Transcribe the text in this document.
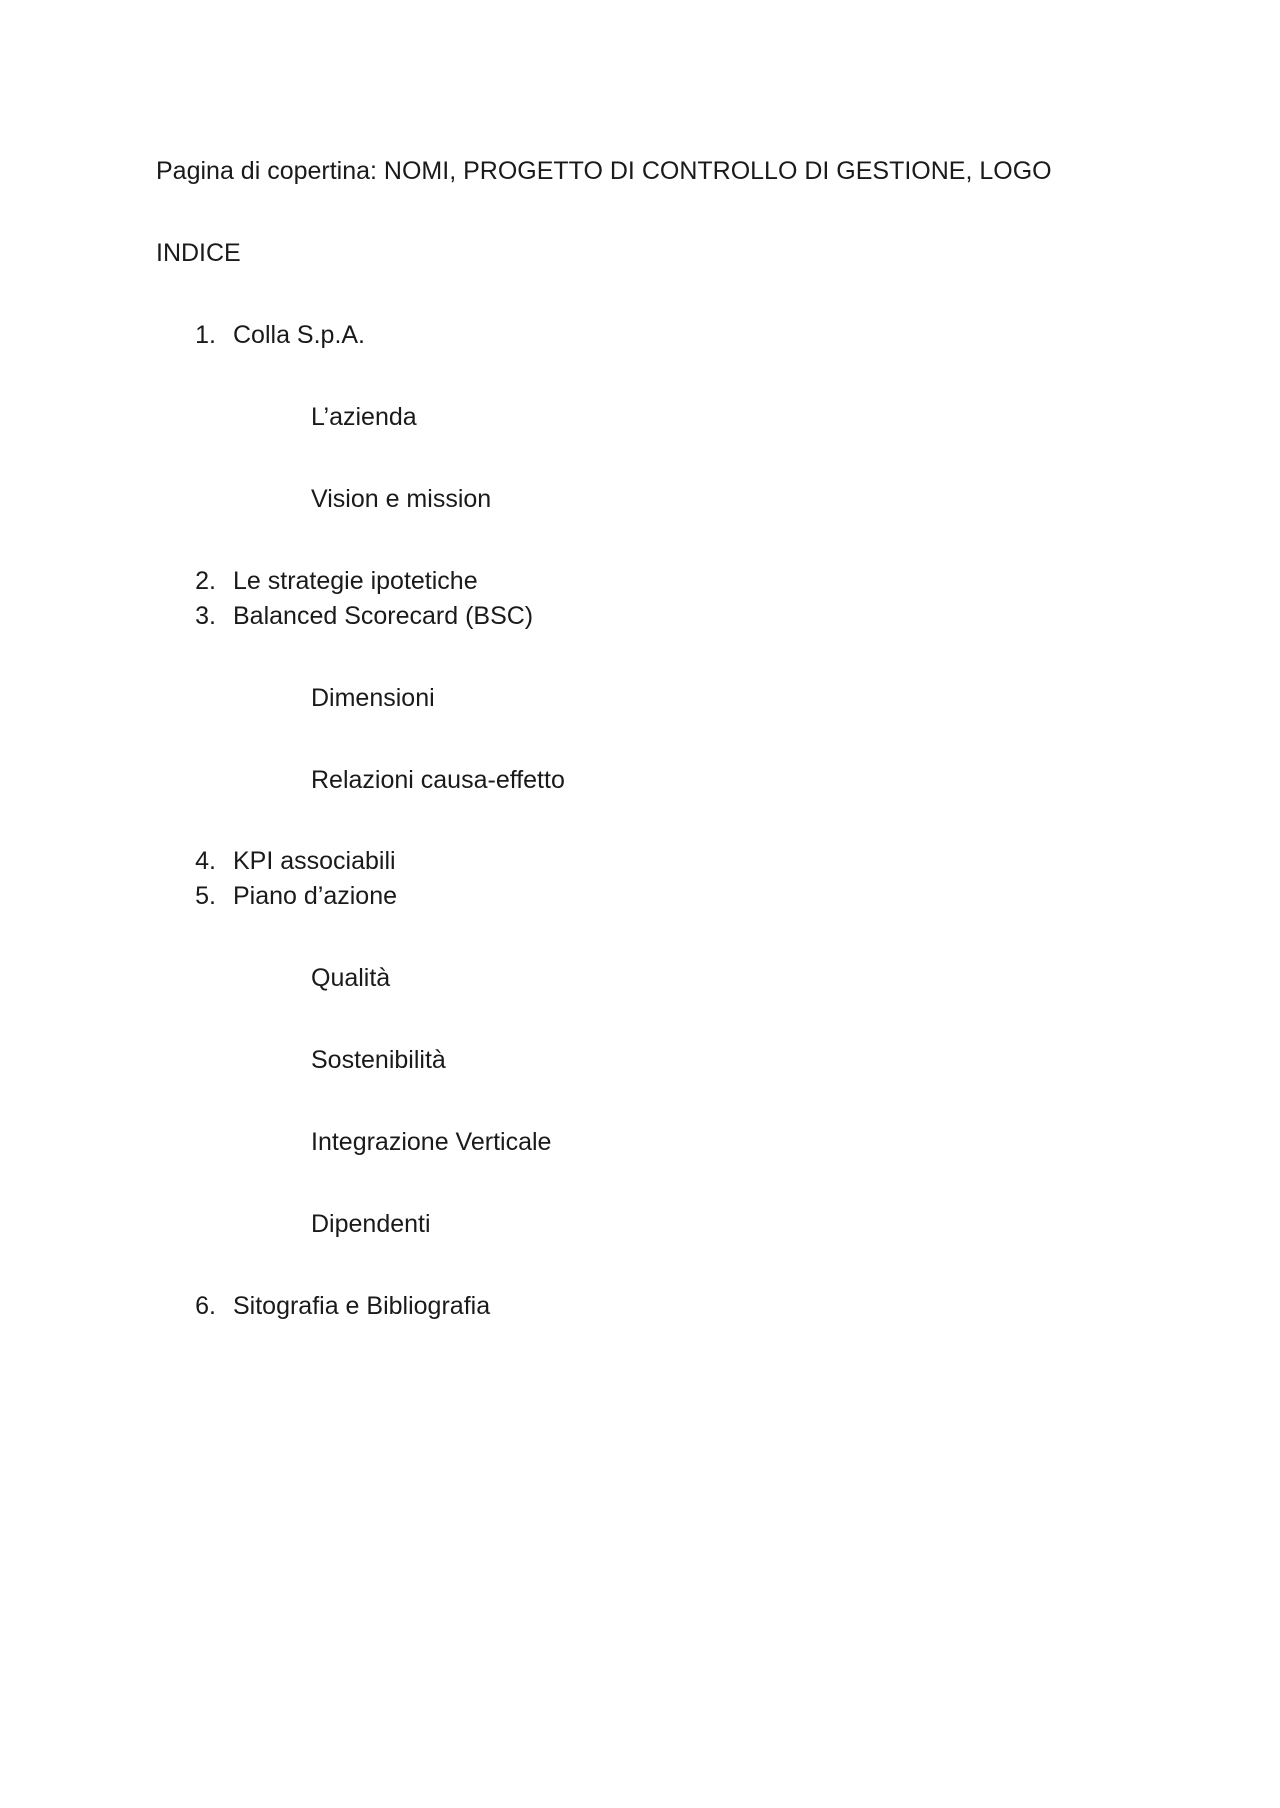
Pagina di copertina: NOMI, PROGETTO DI CONTROLLO DI GESTIONE, LOGO
INDICE
1. Colla S.p.A.
L’azienda
Vision e mission
2. Le strategie ipotetiche
3. Balanced Scorecard (BSC)
Dimensioni
Relazioni causa-effetto
4. KPI associabili
5. Piano d’azione
Qualità
Sostenibilità
Integrazione Verticale
Dipendenti
6. Sitografia e Bibliografia
